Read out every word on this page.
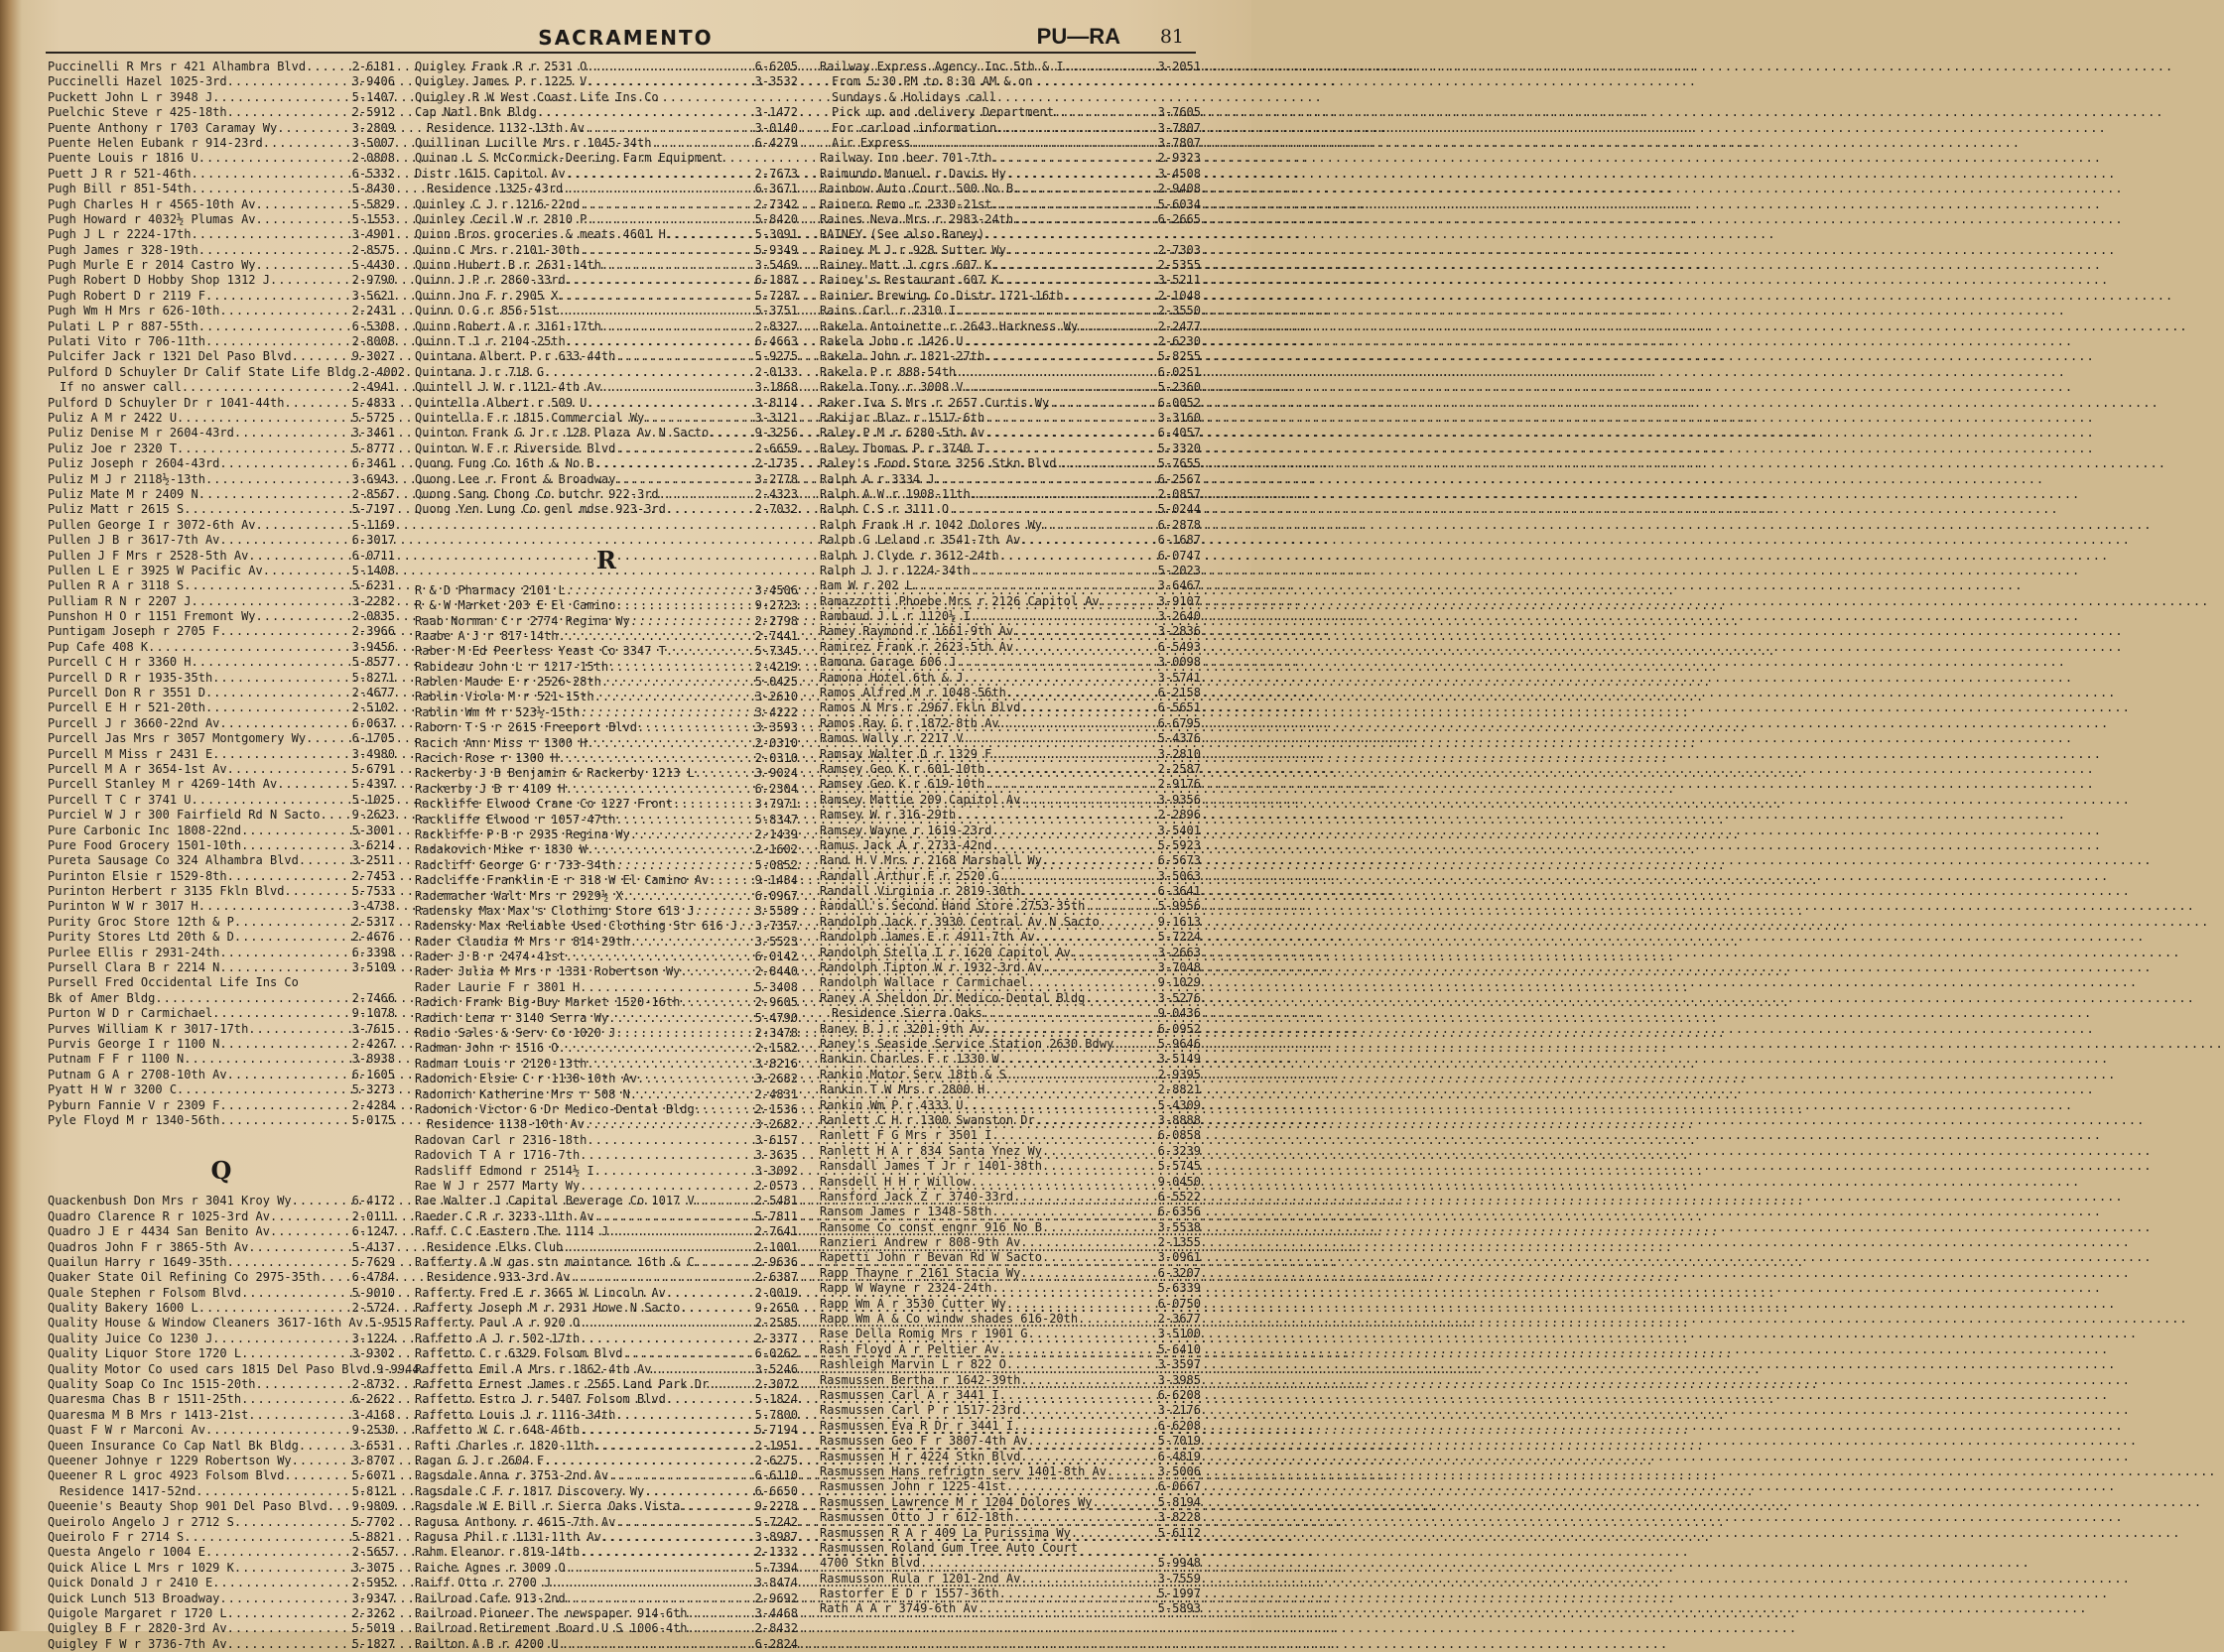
SACRAMENTO	PU—RA 81
Puccinelli R Mrs r 421 Alhambra Blvd .....	2-6181
Puccinelli Hazel 1025-3rd .....	3-9406
Puckett John L r 3948 J .....	5-1407
Puelchic Steve r 425-18th .....	2-5912
Puente Anthony r 1703 Caramay Wy .....	3-2809
Puente Helen Eubank r 914-23rd .....	3-5007
Puente Louis r 1816 U .....	2-0808
Puett J R r 521-46th .....	6-5332
Pugh Bill r 851-54th .....	5-8430
Pugh Charles H r 4565-10th Av .....	5-5829
Pugh Howard r 4032½ Plumas Av .....	5-1553
Pugh J L r 2224-17th .....	3-4901
Pugh James r 328-19th .....	2-8575
Pugh Murle E r 2014 Castro Wy .....	5-4430
Pugh Robert D Hobby Shop 1312 J .....	2-9790
Pugh Robert D r 2119 F .....	3-5621
Pugh Wm H Mrs r 626-10th .....	2-2431
Pulati L P r 887-55th .....	6-5308
Pulati Vito r 706-11th .....	2-8008
Pulcifer Jack r 1321 Del Paso Blvd .....	9-3027
Pulford D Schuyler Dr Calif State Life Bldg ..... 2-4002
If no answer call .....	2-4941
Pulford D Schuyler Dr r 1041-44th .....	5-4833
Puliz A M r 2422 U .....	5-5725
Puliz Denise M r 2604-43rd .....	3-3461
Puliz Joe r 2320 T .....	5-8777
Puliz Joseph r 2604-43rd .....	6-3461
Puliz M J r 2118½-13th .....	3-6943
Puliz Mate M r 2409 N .....	2-8567
Puliz Matt r 2615 S .....	5-7197
Pullen George I r 3072-6th Av .....	5-1169
Pullen J B r 3617-7th Av .....	6-3017
Pullen J F Mrs r 2528-5th Av .....	6-0711
Pullen L E r 3925 W Pacific Av .....	5-1408
Pullen R A r 3118 S .....	5-6231
Pulliam R N r 2207 J .....	3-2282
Punshon H O r 1151 Fremont Wy .....	2-0835
Puntigam Joseph r 2705 F .....	2-3966
Pup Cafe 408 K .....	3-9456
Purcell C H r 3360 H .....	5-8577
Purcell D R r 1935-35th .....	5-8271
Purcell Don R r 3551 D .....	2-4677
Purcell E H r 521-20th .....	2-5102
Purcell J r 3660-22nd Av .....	6-0637
Purcell Jas Mrs r 3057 Montgomery Wy .....	6-1705
Purcell M Miss r 2431 E .....	3-4980
Purcell M A r 3654-1st Av .....	5-6791
Purcell Stanley M r 4269-14th Av .....	5-4397
Purcell T C r 3741 U .....	5-1025
Purciel W J r 300 Fairfield Rd N Sacto .....	9-2623
Pure Carbonic Inc 1808-22nd .....	5-3001
Pure Food Grocery 1501-10th .....	3-6214
Pureta Sausage Co 324 Alhambra Blvd .....	3-2511
Purinton Elsie r 1529-8th .....	2-7453
Purinton Herbert r 3135 Fkln Blvd .....	5-7533
Purinton W W r 3017 H .....	3-4738
Purity Groc Store 12th & P .....	2-5317
Purity Stores Ltd 20th & D .....	2-4676
Purlee Ellis r 2931-24th .....	6-3398
Pursell Clara B r 2214 N .....	3-5109
Pursell Fred Occidental Life Ins Co
Bk of Amer Bldg .....	2-7466
Purton W D r Carmichael .....	9-1078
Purves William K r 3017-17th .....	3-7615
Purvis George I r 1100 N .....	2-4267
Putnam F F r 1100 N .....	3-8938
Putnam G A r 2708-10th Av .....	6-1605
Pyatt H W r 3200 C .....	5-3273
Pyburn Fannie V r 2309 F .....	2-4284
Pyle Floyd M r 1340-56th .....	5-0175
Q
Quackenbush Don Mrs r 3041 Kroy Wy .....	6-4172
Quadro Clarence R r 1025-3rd Av .....	2-0111
Quadro J E r 4434 San Benito Av .....	6-1247
Quadros John F r 3865-5th Av .....	5-4137
Quailun Harry r 1649-35th .....	5-7629
Quaker State Oil Refining Co 2975-35th .....	6-4784
Quale Stephen r Folsom Blvd .....	5-9010
Quality Bakery 1600 L .....	2-5724
Quality House & Window Cleaners 3617-16th Av ..... 5-9515
Quality Juice Co 1230 J .....	3-1224
Quality Liquor Store 1720 L .....	3-9302
Quality Motor Co used cars 1815 Del Paso Blvd ..... 9-9944
Quality Soap Co Inc 1515-20th .....	2-8732
Quaresma Chas B r 1511-25th .....	6-2622
Quaresma M B Mrs r 1413-21st .....	3-4168
Quast F W r Marconi Av .....	9-2530
Queen Insurance Co Cap Natl Bk Bldg .....	3-6531
Queener Johnye r 1229 Robertson Wy .....	3-8707
Queener R L groc 4923 Folsom Blvd .....	5-6071
Residence 1417-52nd .....	5-8121
Queenie's Beauty Shop 901 Del Paso Blvd ..... 9-9809
Queirolo Angelo J r 2712 S .....	5-7702
Queirolo F r 2714 S .....	5-8821
Questa Angelo r 1004 E .....	2-5657
Quick Alice L Mrs r 1029 K .....	3-3075
Quick Donald J r 2410 E .....	2-5952
Quick Lunch 513 Broadway .....	3-9347
Quigole Margaret r 1720 L .....	2-3262
Quigley B F r 2820-3rd Av .....	5-5019
Quigley F W r 3736-7th Av .....	5-1827
Quigley Frank R r 2531 O .....	6-6205
Quigley James P r 1225 V .....	3-3532
Quigley R W West Coast Life Ins Co
Cap Natl Bnk Bldg .....	3-1472
Residence 1132-13th Av .....	3-0140
Quillinan Lucille Mrs r 1045-34th .....	6-4279
Quinan L S McCormick-Deering Farm Equipment
Distr 1615 Capitol Av .....	2-7673
Residence 1325-43rd .....	6-3671
Quinley C J r 1216-22nd .....	2-7342
Quinley Cecil W r 2810 P .....	5-8420
Quinn Bros groceries & meats 4601 H .....	5-3091
Quinn C Mrs r 2101-30th .....	5-9349
Quinn Hubert B r 2631-14th .....	3-5469
Quinn J P r 2860-33rd .....	6-1887
Quinn Jno F r 2905 X .....	5-7287
Quinn O G r 856-51st .....	5-3751
Quinn Robert A r 3161-17th .....	2-8327
Quinn T J r 2104-25th .....	6-4663
Quintana Albert P r 633-44th .....	5-9275
Quintana J r 718 G .....	2-0133
Quintell J W r 1121-4th Av .....	3-1868
Quintella Albert r 509 U .....	3-8114
Quintella F r 1815 Commercial Wy .....	3-3121
Quinton Frank G Jr r 128 Plaza Av N Sacto .....	9-3256
Quinton W F r Riverside Blvd .....	2-6659
Quong Fung Co 16th & No B .....	2-1735
Quong Lee r Front & Broadway .....	3-2778
Quong Sang Chong Co butchr 922-3rd .....	2-4323
Quong Yen Lung Co genl mdse 923-3rd .....	2-7032
R
R & D Pharmacy 2101 L .....	3-4506
R & W Market 203 E El Camino .....	9-2723
Raab Norman C r 2774 Regina Wy .....	2-2798
Raabe A J r 817-14th .....	2-7441
Raber M Ed Peerless Yeast Co 3347 T .....	5-7345
Rabideau John L r 1217-15th .....	2-4219
Rablen Maude E r 2526-28th .....	5-0425
Rablin Viola M r 521-15th .....	3-2610
Rablin Wm M r 523½-15th .....	3-4222
Raborn T S r 2615 Freeport Blvd .....	3-3593
Racich Ann Miss r 1300 H .....	2-0310
Racich Rose r 1300 H .....	2-0310
Rackerby J B Benjamin & Rackerby 1213 L .....	3-9024
Rackerby J B r 4109 H .....	6-2304
Rackliffe Elwood Crane Co 1227 Front .....	3-7971
Rackliffe Elwood r 1057-47th .....	5-8347
Rackliffe P B r 2935 Regina Wy .....	2-1439
Radakovich Mike r 1830 W .....	2-1602
Radcliff George G r 733-34th .....	5-0852
Radcliffe Franklin E r 318 W El Camino Av .....	9-1484
Rademacher Walt Mrs r 2929½ X .....	6-0967
Radensky Max Max's Clothing Store 613 J .....	3-5589
Radensky Max Reliable Used Clothing Str 616 J ..... 3-7357
Rader Claudia M Mrs r 814-29th .....	3-5523
Rader J B r 2474-41st .....	6-0142
Rader Julia M Mrs r 1331 Robertson Wy .....	2-8440
Rader Laurie F r 3801 H .....	5-3408
Radich Frank Big-Buy Market 1520-16th .....	2-9605
Radich Lena r 3140 Serra Wy .....	5-4790
Radio Sales & Serv Co 1020 J .....	2-3478
Radman John r 1516 O .....	2-1582
Radman Louis r 2120-13th .....	3-8216
Radonich Elsie C r 1138-10th Av .....	3-2682
Radonich Katherine Mrs r 508 N .....	2-4831
Radonich Victor G Dr Medico-Dental Bldg .....	2-1536
Residence 1138-10th Av .....	3-2682
Radovan Carl r 2316-18th .....	3-6157
Radovich T A r 1716-7th .....	3-3635
Radsliff Edmond r 2514½ I .....	3-3092
Rae W J r 2577 Marty Wy .....	2-0573
Rae Walter J Capital Beverage Co 1017 V .....	2-5481
Raeder C R r 3233-11th Av .....	5-7811
Raff C C Eastern The 1114 J .....	2-7641
Residence Elks Club .....	2-1001
Rafferty A W gas stn maintance 16th & C .....	2-9636
Residence 933-3rd Av .....	2-6387
Rafferty Fred E r 3665 W Lincoln Av .....	2-0019
Rafferty Joseph M r 2931 Howe N Sacto .....	9-2650
Rafferty Paul A r 920 O .....	2-2585
Raffetto A J r 502-17th .....	2-3377
Raffetto C r 6329 Folsom Blvd .....	6-0262
Raffetto Emil A Mrs r 1862-4th Av .....	3-5246
Raffetto Ernest James r 2565 Land Park Dr .....	2-3072
Raffetto Estro J r 5407 Folsom Blvd .....	5-1824
Raffetto Louis J r 1116-34th .....	5-7800
Raffetto W C r 648-46th .....	5-7194
Rafti Charles r 1820-11th .....	2-1951
Ragan G J r 2604 F .....	2-6275
Ragsdale Anna r 3753-2nd Av .....	6-6110
Ragsdale C F r 1817 Discovery Wy .....	6-6650
Ragsdale W E Bill r Sierra Oaks Vista .....	9-2278
Ragusa Anthony r 4615-7th Av .....	5-7242
Ragusa Phil r 1131-11th Av .....	3-8987
Rahm Eleanor r 819-14th .....	2-1332
Raiche Agnes r 3009 O .....	5-7394
Raiff Otto r 2700 J .....	3-8474
Railroad Cafe 913-2nd .....	2-9692
Railroad Pioneer The newspaper 914-6th .....	3-4468
Railroad Retirement Board U S 1006-4th .....	2-8432
Railton A B r 4200 U .....	6-2824
Railway Express Agency Inc 5th & I .....	3-2051
From 5:30 PM to 8:30 AM & on
Sundays & Holidays call
Pick up and delivery Department .....	3-7605
For carload information .....	3-7807
Air Express .....	3-7807
Railway Inn beer 701-7th .....	2-9323
Raimundo Manuel r Davis Hy .....	3-4508
Rainbow Auto Court 500 No B .....	2-9408
Rainero Remo r 2330-21st .....	5-6034
Raines Neva Mrs r 2983-24th .....	6-2665
RAINEY (See also Raney)
Rainey M J r 928 Sutter Wy .....	2-7303
Rainey Matt J cgrs 607 K .....	2-5355
Rainey's Restaurant 607 K .....	3-5211
Rainier Brewing Co Distr 1721-16th .....	2-1048
Rains Carl r 2310 I .....	2-3550
Rakela Antoinette r 2643 Harkness Wy .....	2-2477
Rakela John r 1426 U .....	2-6230
Rakela John r 1821-27th .....	5-8255
Rakela P r 888-54th .....	6-0251
Rakela Tony r 3008 V .....	5-2360
Raker Iva S Mrs r 2657 Curtis Wy .....	6-0052
Rakijar Blaz r 1517-6th .....	3-3160
Raley P M r 6280-5th Av .....	6-4057
Raley Thomas P r 3740 T .....	5-3320
Raley's Food Store 3256 Stkn Blvd .....	5-7655
Ralph A r 3334 J .....	6-2567
Ralph A W r 1908-11th .....	2-0857
Ralph C S r 3111 O .....	5-0244
Ralph Frank H r 1042 Dolores Wy .....	6-2878
Ralph G Leland r 3541-7th Av .....	6-1687
Ralph J Clyde r 3612-24th .....	6-0747
Ralph J J r 1224-34th .....	5-2023
Ram W r 202 L .....	3-6467
Ramazzotti Phoebe Mrs r 2126 Capitol Av .....	3-9107
Rambaud J L r 1120½ I .....	3-2640
Ramey Raymond r 1661-9th Av .....	3-2836
Ramirez Frank r 2623-5th Av .....	6-5493
Ramona Garage 606 J .....	3-0098
Ramona Hotel 6th & J .....	3-5741
Ramos Alfred M r 1048-56th .....	6-2158
Ramos N Mrs r 2967 Fkln Blvd .....	6-5651
Ramos Ray G r 1872-8th Av .....	6-6795
Ramos Wally r 2217 V .....	5-4376
Ramsay Walter D r 1329 F .....	3-2810
Ramsey Geo K r 601-10th .....	2-2587
Ramsey Geo K r 619-10th .....	2-9176
Ramsey Mattie 209 Capitol Av .....	3-9356
Ramsey W r 316-29th .....	2-2896
Ramsey Wayne r 1619-23rd .....	3-5401
Ramus Jack A r 2733-42nd .....	5-5923
Rand H V Mrs r 2168 Marshall Wy .....	6-5673
Randall Arthur F r 2520 G .....	3-5063
Randall Virginia r 2819-30th .....	6-3641
Randall's Second Hand Store 2753-35th .....	5-9956
Randolph Jack r 3930 Central Av N Sacto .....	9-1613
Randolph James E r 4911-7th Av .....	5-7224
Randolph Stella I r 1620 Capitol Av .....	3-2663
Randolph Tipton W r 1932-3rd Av .....	3-7048
Randolph Wallace r Carmichael .....	9-1029
Raney A Sheldon Dr Medico-Dental Bldg .....	3-5276
Residence Sierra Oaks .....	9-0436
Raney B J r 3201-9th Av .....	6-0952
Raney's Seaside Service Station 2630 Bdwy .....	5-9646
Rankin Charles F r 1330 W .....	3-5149
Rankin Motor Serv 18th & S .....	2-9395
Rankin T W Mrs r 2800 H .....	2-8821
Rankin Wm P r 4333 U .....	5-4309
Ranlett C H r 1300 Swanston Dr .....	3-8888
Ranlett F G Mrs r 3501 I .....	6-0858
Ranlett H A r 834 Santa Ynez Wy .....	6-3239
Ransdall James T Jr r 1401-38th .....	5-5745
Ransdell H H r Willow .....	9-0450
Ransford Jack Z r 3740-33rd .....	6-5522
Ransom James r 1348-58th .....	6-6356
Ransome Co const engnr 916 No B .....	3-5538
Ranzieri Andrew r 808-9th Av .....	2-1355
Rapetti John r Bevan Rd W Sacto .....	3-0961
Rapp Thayne r 2161 Stacia Wy .....	6-3207
Rapp W Wayne r 2324-24th .....	5-6339
Rapp Wm A r 3530 Cutter Wy .....	6-0750
Rapp Wm A & Co windw shades 616-20th .....	2-3677
Rase Della Romig Mrs r 1901 G .....	3-5100
Rash Floyd A r Peltier Av .....	5-6410
Rashleigh Marvin L r 822 O .....	3-3597
Rasmussen Bertha r 1642-39th .....	3-3985
Rasmussen Carl A r 3441 I .....	6-6208
Rasmussen Carl P r 1517-23rd .....	3-2176
Rasmussen Eva R Dr r 3441 I .....	6-6208
Rasmussen Geo F r 3807-4th Av .....	5-7019
Rasmussen H r 4224 Stkn Blvd .....	6-4819
Rasmussen Hans refrigtn serv 1401-8th Av .....	3-5006
Rasmussen John r 1225-41st .....	6-0667
Rasmussen Lawrence M r 1204 Dolores Wy .....	5-8194
Rasmussen Otto J r 612-18th .....	3-8228
Rasmussen R A r 409 La Purissima Wy .....	5-6112
Rasmussen Roland Gum Tree Auto Court
4700 Stkn Blvd .....	5-9948
Rasmusson Rula r 1201-2nd Av .....	3-7559
Rastorfer E D r 1557-36th .....	5-1997
Rath A A r 3749-6th Av .....	5-5893
